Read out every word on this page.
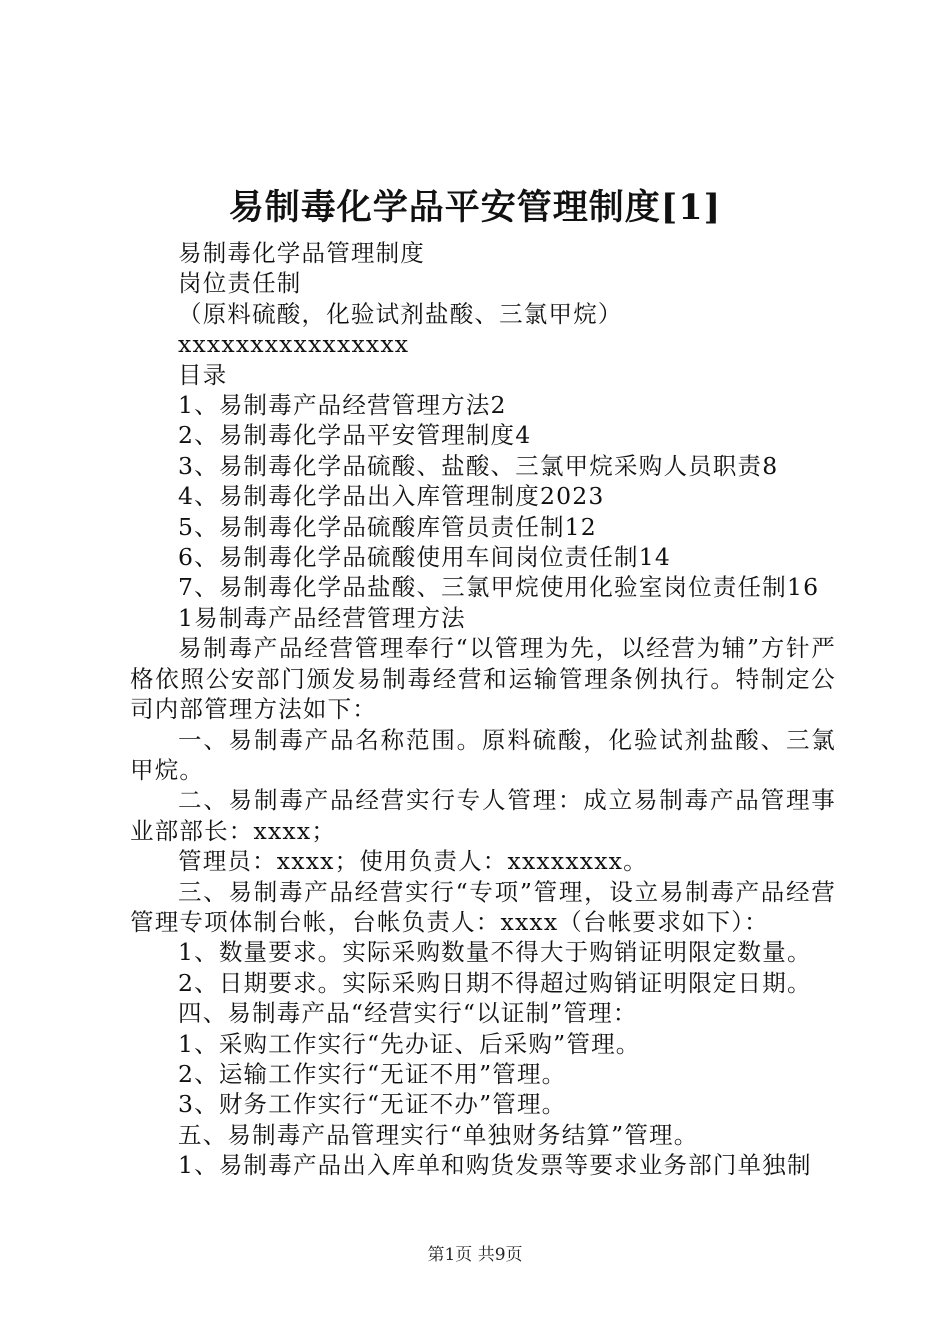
易制毒化学品平安管理制度[1]

易制毒化学品管理制度

岗位责任制

（原料硫酸，化验试剂盐酸、三氯甲烷）

xxxxxxxxxxxxxxxx

目录

1、易制毒产品经营管理方法2

2、易制毒化学品平安管理制度4

3、易制毒化学品硫酸、盐酸、三氯甲烷采购人员职责8

4、易制毒化学品出入库管理制度2023

5、易制毒化学品硫酸库管员责任制12

6、易制毒化学品硫酸使用车间岗位责任制14

7、易制毒化学品盐酸、三氯甲烷使用化验室岗位责任制16

1易制毒产品经营管理方法

易制毒产品经营管理奉行“以管理为先，以经营为辅”方针严格依照公安部门颁发易制毒经营和运输管理条例执行。特制定公司内部管理方法如下：

一、易制毒产品名称范围。原料硫酸，化验试剂盐酸、三氯甲烷。

二、易制毒产品经营实行专人管理：成立易制毒产品管理事业部部长：xxxx；

管理员：xxxx；使用负责人：xxxxxxxx。

三、易制毒产品经营实行“专项”管理，设立易制毒产品经营管理专项体制台帐，台帐负责人：xxxx（台帐要求如下）：

1、数量要求。实际采购数量不得大于购销证明限定数量。

2、日期要求。实际采购日期不得超过购销证明限定日期。

四、易制毒产品“经营实行“以证制”管理：

1、采购工作实行“先办证、后采购”管理。

2、运输工作实行“无证不用”管理。

3、财务工作实行“无证不办”管理。

五、易制毒产品管理实行“单独财务结算”管理。

1、易制毒产品出入库单和购货发票等要求业务部门单独制

第1页 共9页
